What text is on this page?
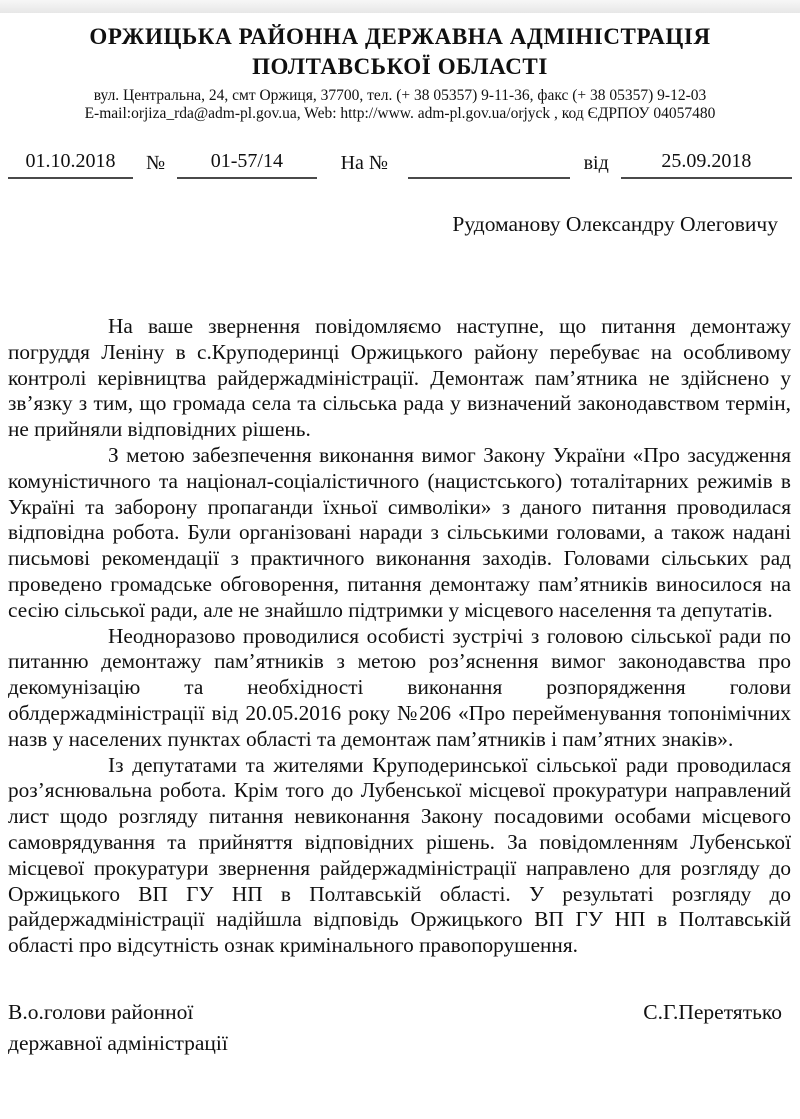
ОРЖИЦЬКА РАЙОННА ДЕРЖАВНА АДМІНІСТРАЦІЯ
ПОЛТАВСЬКОЇ ОБЛАСТІ
вул. Центральна, 24, смт Оржиця, 37700, тел. (+ 38 05357) 9-11-36, факс (+ 38 05357) 9-12-03
E-mail:orjiza_rda@adm-pl.gov.ua, Web: http://www. adm-pl.gov.ua/orjyck , код ЄДРПОУ 04057480
01.10.2018	№	01-57/14	На №	від	25.09.2018
Рудоманову Олександру Олеговичу

На ваше звернення повідомляємо наступне, що питання демонтажу погруддя Леніну в с.Круподеринці Оржицького району перебуває на особливому контролі керівництва райдержадміністрації. Демонтаж пам’ятника не здійснено у зв’язку з тим, що громада села та сільська рада у визначений законодавством термін, не прийняли відповідних рішень.

З метою забезпечення виконання вимог Закону України «Про засудження комуністичного та націонал-соціалістичного (нацистського) тоталітарних режимів в Україні та заборону пропаганди їхньої символіки» з даного питання проводилася відповідна робота. Були організовані наради з сільськими головами, а також надані письмові рекомендації з практичного виконання заходів. Головами сільських рад проведено громадське обговорення, питання демонтажу пам’ятників виносилося на сесію сільської ради, але не знайшло підтримки у місцевого населення та депутатів.

Неодноразово проводилися особисті зустрічі з головою сільської ради по питанню демонтажу пам’ятників з метою роз’яснення вимог законодавства про декомунізацію та необхідності виконання розпорядження голови облдержадміністрації від 20.05.2016 року №206 «Про перейменування топонімічних назв у населених пунктах області та демонтаж пам’ятників і пам’ятних знаків».

Із депутатами та жителями Круподеринської сільської ради проводилася роз’яснювальна робота. Крім того до Лубенської місцевої прокуратури направлений лист щодо розгляду питання невиконання Закону посадовими особами місцевого самоврядування та прийняття відповідних рішень. За повідомленням Лубенської місцевої прокуратури звернення райдержадміністрації направлено для розгляду до Оржицького ВП ГУ НП в Полтавській області. У результаті розгляду до райдержадміністрації надійшла відповідь Оржицького ВП ГУ НП в Полтавській області про відсутність ознак кримінального правопорушення.

В.о.голови районної
державної адміністрації
С.Г.Перетятько
